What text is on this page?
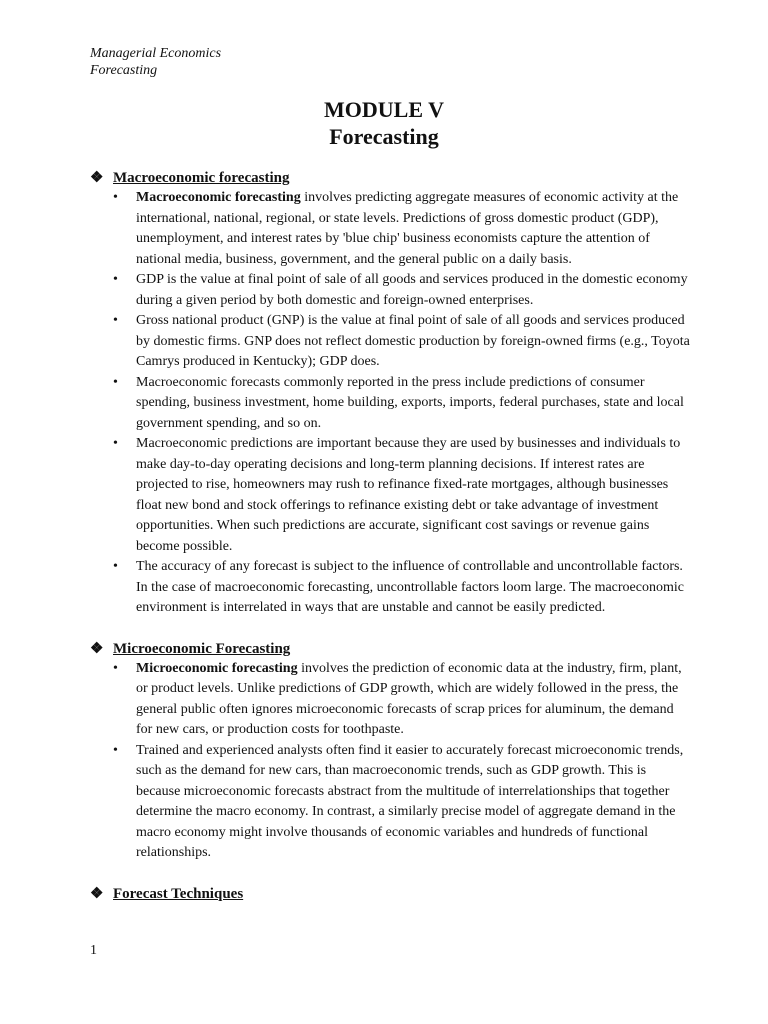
Managerial Economics
Forecasting
MODULE V
Forecasting
❖ Macroeconomic forecasting
• Macroeconomic forecasting involves predicting aggregate measures of economic activity at the international, national, regional, or state levels. Predictions of gross domestic product (GDP), unemployment, and interest rates by 'blue chip' business economists capture the attention of national media, business, government, and the general public on a daily basis.
• GDP is the value at final point of sale of all goods and services produced in the domestic economy during a given period by both domestic and foreign-owned enterprises.
• Gross national product (GNP) is the value at final point of sale of all goods and services produced by domestic firms. GNP does not reflect domestic production by foreign-owned firms (e.g., Toyota Camrys produced in Kentucky); GDP does.
• Macroeconomic forecasts commonly reported in the press include predictions of consumer spending, business investment, home building, exports, imports, federal purchases, state and local government spending, and so on.
• Macroeconomic predictions are important because they are used by businesses and individuals to make day-to-day operating decisions and long-term planning decisions. If interest rates are projected to rise, homeowners may rush to refinance fixed-rate mortgages, although businesses float new bond and stock offerings to refinance existing debt or take advantage of investment opportunities. When such predictions are accurate, significant cost savings or revenue gains become possible.
• The accuracy of any forecast is subject to the influence of controllable and uncontrollable factors. In the case of macroeconomic forecasting, uncontrollable factors loom large. The macroeconomic environment is interrelated in ways that are unstable and cannot be easily predicted.
❖ Microeconomic Forecasting
• Microeconomic forecasting involves the prediction of economic data at the industry, firm, plant, or product levels. Unlike predictions of GDP growth, which are widely followed in the press, the general public often ignores microeconomic forecasts of scrap prices for aluminum, the demand for new cars, or production costs for toothpaste.
• Trained and experienced analysts often find it easier to accurately forecast microeconomic trends, such as the demand for new cars, than macroeconomic trends, such as GDP growth. This is because microeconomic forecasts abstract from the multitude of interrelationships that together determine the macro economy. In contrast, a similarly precise model of aggregate demand in the macro economy might involve thousands of economic variables and hundreds of functional relationships.
❖ Forecast Techniques
1
